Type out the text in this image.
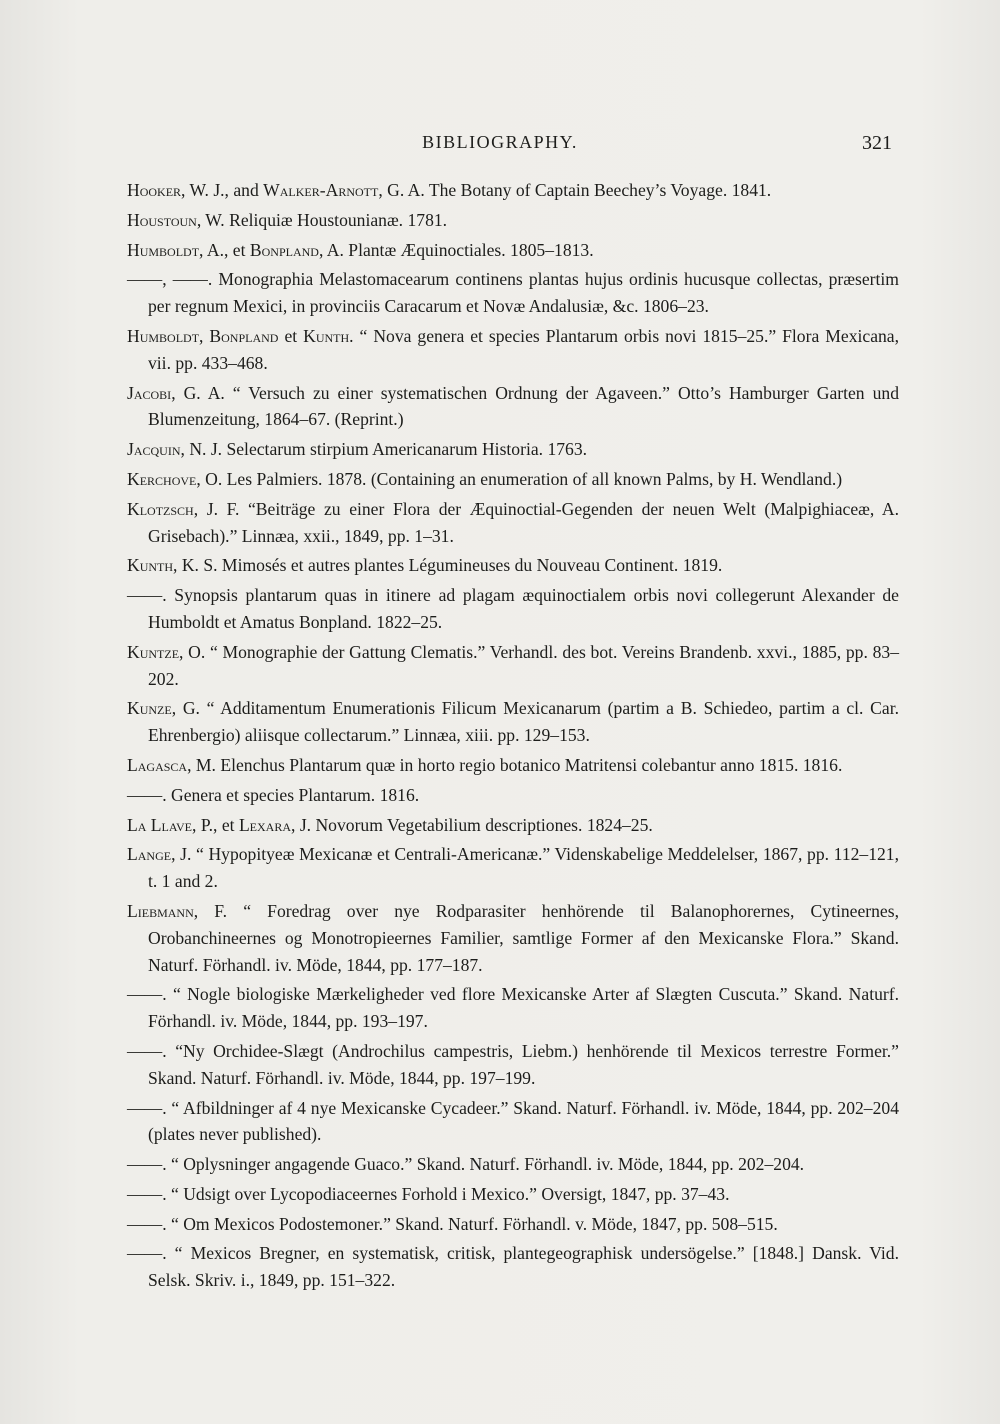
BIBLIOGRAPHY.	321

Hooker, W. J., and Walker-Arnott, G. A. The Botany of Captain Beechey’s Voyage. 1841.

Houstoun, W. Reliquiæ Houstounianæ. 1781.

Humboldt, A., et Bonpland, A. Plantæ Æquinoctiales. 1805–1813.

——, ——. Monographia Melastomacearum continens plantas hujus ordinis hucusque collectas, præsertim per regnum Mexici, in provinciis Caracarum et Novæ Andalusiæ, &c. 1806–23.

Humboldt, Bonpland et Kunth. “ Nova genera et species Plantarum orbis novi 1815–25.” Flora Mexicana, vii. pp. 433–468.

Jacobi, G. A. “ Versuch zu einer systematischen Ordnung der Agaveen.” Otto’s Hamburger Garten und Blumenzeitung, 1864–67. (Reprint.)

Jacquin, N. J. Selectarum stirpium Americanarum Historia. 1763.

Kerchove, O. Les Palmiers. 1878. (Containing an enumeration of all known Palms, by H. Wendland.)

Klotzsch, J. F. “Beiträge zu einer Flora der Æquinoctial-Gegenden der neuen Welt (Malpighiaceæ, A. Grisebach).” Linnæa, xxii., 1849, pp. 1–31.

Kunth, K. S. Mimosés et autres plantes Légumineuses du Nouveau Continent. 1819.

——. Synopsis plantarum quas in itinere ad plagam æquinoctialem orbis novi collegerunt Alexander de Humboldt et Amatus Bonpland. 1822–25.

Kuntze, O. “ Monographie der Gattung Clematis.” Verhandl. des bot. Vereins Brandenb. xxvi., 1885, pp. 83–202.

Kunze, G. “ Additamentum Enumerationis Filicum Mexicanarum (partim a B. Schiedeo, partim a cl. Car. Ehrenbergio) aliisque collectarum.” Linnæa, xiii. pp. 129–153.

Lagasca, M. Elenchus Plantarum quæ in horto regio botanico Matritensi colebantur anno 1815. 1816.

——. Genera et species Plantarum. 1816.

La Llave, P., et Lexara, J. Novorum Vegetabilium descriptiones. 1824–25.

Lange, J. “ Hypopityeæ Mexicanæ et Centrali-Americanæ.” Videnskabelige Meddelelser, 1867, pp. 112–121, t. 1 and 2.

Liebmann, F. “ Foredrag over nye Rodparasiter henhörende til Balanophorernes, Cytineernes, Orobanchineernes og Monotropieernes Familier, samtlige Former af den Mexicanske Flora.” Skand. Naturf. Förhandl. iv. Möde, 1844, pp. 177–187.

——. “ Nogle biologiske Mærkeligheder ved flore Mexicanske Arter af Slægten Cuscuta.” Skand. Naturf. Förhandl. iv. Möde, 1844, pp. 193–197.

——. “Ny Orchidee-Slægt (Androchilus campestris, Liebm.) henhörende til Mexicos terrestre Former.” Skand. Naturf. Förhandl. iv. Möde, 1844, pp. 197–199.

——. “ Afbildninger af 4 nye Mexicanske Cycadeer.” Skand. Naturf. Förhandl. iv. Möde, 1844, pp. 202–204 (plates never published).

——. “ Oplysninger angagende Guaco.” Skand. Naturf. Förhandl. iv. Möde, 1844, pp. 202–204.

——. “ Udsigt over Lycopodiaceernes Forhold i Mexico.” Oversigt, 1847, pp. 37–43.

——. “ Om Mexicos Podostemoner.” Skand. Naturf. Förhandl. v. Möde, 1847, pp. 508–515.

——. “ Mexicos Bregner, en systematisk, critisk, plantegeographisk undersögelse.” [1848.] Dansk. Vid. Selsk. Skriv. i., 1849, pp. 151–322.
